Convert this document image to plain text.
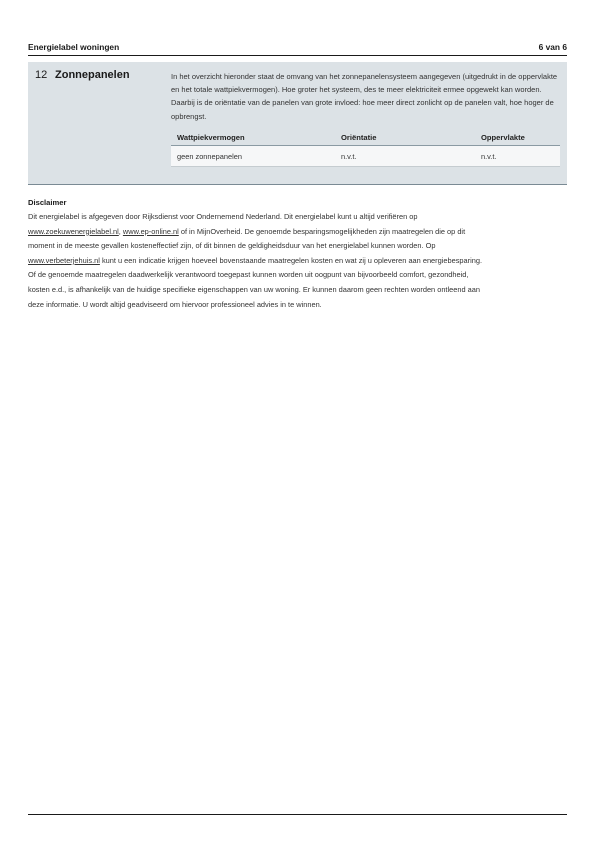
Energielabel woningen	6 van 6
12 Zonnepanelen	In het overzicht hieronder staat de omvang van het zonnepanelensysteem aangegeven (uitgedrukt in de oppervlakte en het totale wattpiekvermogen). Hoe groter het systeem, des te meer elektriciteit ermee opgewekt kan worden. Daarbij is de oriëntatie van de panelen van grote invloed: hoe meer direct zonlicht op de panelen valt, hoe hoger de opbrengst.
Wattpiekvermogen	Oriëntatie	Oppervlakte
geen zonnepanelen	n.v.t.	n.v.t.
Disclaimer

Dit energielabel is afgegeven door Rijksdienst voor Ondernemend Nederland. Dit energielabel kunt u altijd verifiëren op

www.zoekuwenergielabel.nl, www.ep-online.nl of in MijnOverheid. De genoemde besparingsmogelijkheden zijn maatregelen die op dit

moment in de meeste gevallen kosteneffectief zijn, of dit binnen de geldigheidsduur van het energielabel kunnen worden. Op

www.verbeterjehuis.nl kunt u een indicatie krijgen hoeveel bovenstaande maatregelen kosten en wat zij u opleveren aan energiebesparing.

Of de genoemde maatregelen daadwerkelijk verantwoord toegepast kunnen worden uit oogpunt van bijvoorbeeld comfort, gezondheid,

kosten e.d., is afhankelijk van de huidige specifieke eigenschappen van uw woning. Er kunnen daarom geen rechten worden ontleend aan

deze informatie. U wordt altijd geadviseerd om hiervoor professioneel advies in te winnen.
